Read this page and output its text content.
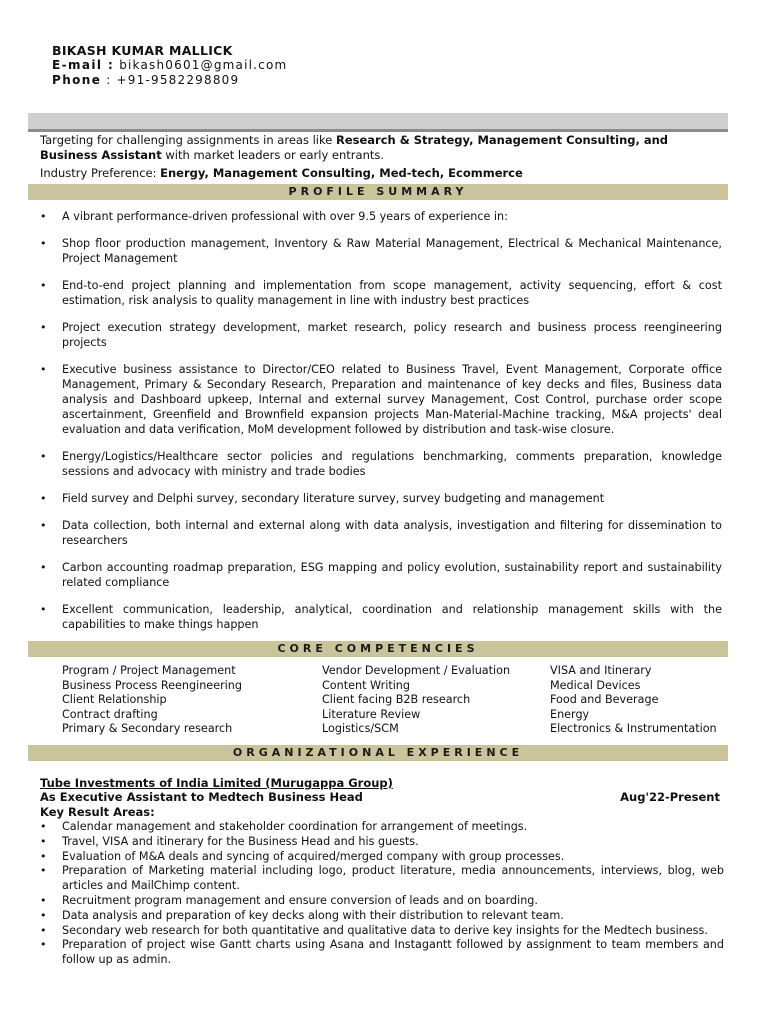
BIKASH KUMAR MALLICK
E-mail : bikash0601@gmail.com
Phone : +91-9582298809
Targeting for challenging assignments in areas like Research & Strategy, Management Consulting, and Business Assistant with market leaders or early entrants.
Industry Preference: Energy, Management Consulting, Med-tech, Ecommerce
PROFILE SUMMARY
• A vibrant performance-driven professional with over 9.5 years of experience in:
• Shop floor production management, Inventory & Raw Material Management, Electrical & Mechanical Maintenance, Project Management
• End-to-end project planning and implementation from scope management, activity sequencing, effort & cost estimation, risk analysis to quality management in line with industry best practices
• Project execution strategy development, market research, policy research and business process reengineering projects
• Executive business assistance to Director/CEO related to Business Travel, Event Management, Corporate office Management, Primary & Secondary Research, Preparation and maintenance of key decks and files, Business data analysis and Dashboard upkeep, Internal and external survey Management, Cost Control, purchase order scope ascertainment, Greenfield and Brownfield expansion projects Man-Material-Machine tracking, M&A projects' deal evaluation and data verification, MoM development followed by distribution and task-wise closure.
• Energy/Logistics/Healthcare sector policies and regulations benchmarking, comments preparation, knowledge sessions and advocacy with ministry and trade bodies
• Field survey and Delphi survey, secondary literature survey, survey budgeting and management
• Data collection, both internal and external along with data analysis, investigation and filtering for dissemination to researchers
• Carbon accounting roadmap preparation, ESG mapping and policy evolution, sustainability report and sustainability related compliance
• Excellent communication, leadership, analytical, coordination and relationship management skills with the capabilities to make things happen
CORE COMPETENCIES
Program / Project Management
Business Process Reengineering
Client Relationship
Contract drafting
Primary & Secondary research
Vendor Development / Evaluation
Content Writing
Client facing B2B research
Literature Review
Logistics/SCM
VISA and Itinerary
Medical Devices
Food and Beverage
Energy
Electronics & Instrumentation
ORGANIZATIONAL EXPERIENCE
Tube Investments of India Limited (Murugappa Group)
As Executive Assistant to Medtech Business Head	Aug'22-Present
Key Result Areas:
• Calendar management and stakeholder coordination for arrangement of meetings.
• Travel, VISA and itinerary for the Business Head and his guests.
• Evaluation of M&A deals and syncing of acquired/merged company with group processes.
• Preparation of Marketing material including logo, product literature, media announcements, interviews, blog, web articles and MailChimp content.
• Recruitment program management and ensure conversion of leads and on boarding.
• Data analysis and preparation of key decks along with their distribution to relevant team.
• Secondary web research for both quantitative and qualitative data to derive key insights for the Medtech business.
• Preparation of project wise Gantt charts using Asana and Instagantt followed by assignment to team members and follow up as admin.
